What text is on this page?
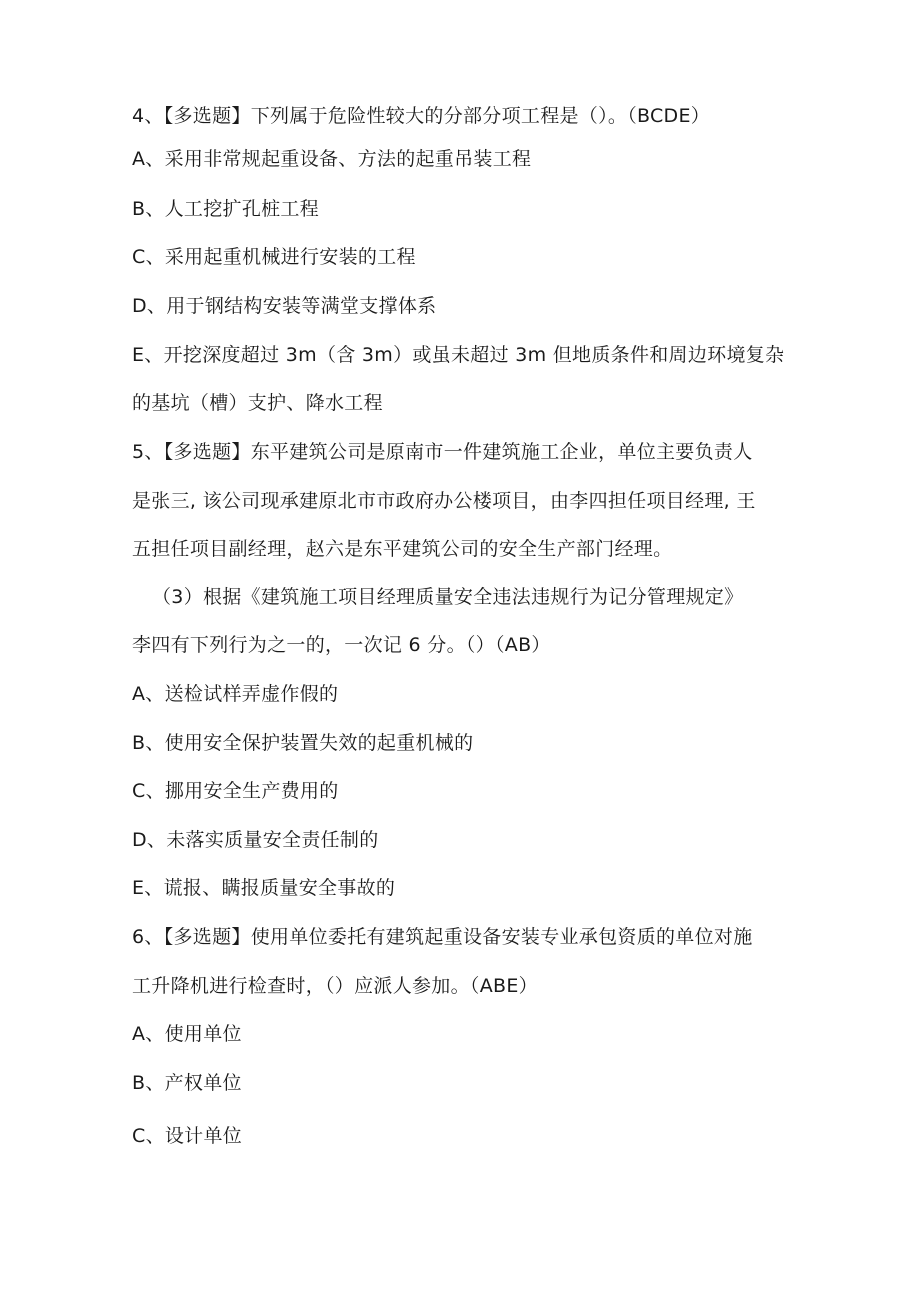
4、【多选题】下列属于危险性较大的分部分项工程是（）。（BCDE）
A、采用非常规起重设备、方法的起重吊装工程
B、人工挖扩孔桩工程
C、采用起重机械进行安装的工程
D、用于钢结构安装等满堂支撑体系
E、开挖深度超过 3m（含 3m）或虽未超过 3m 但地质条件和周边环境复杂
的基坑（槽）支护、降水工程
5、【多选题】东平建筑公司是原南市一件建筑施工企业，单位主要负责人
是张三, 该公司现承建原北市市政府办公楼项目，由李四担任项目经理, 王
五担任项目副经理，赵六是东平建筑公司的安全生产部门经理。
（3）根据《建筑施工项目经理质量安全违法违规行为记分管理规定》
李四有下列行为之一的，一次记 6 分。（）（AB）
A、送检试样弄虚作假的
B、使用安全保护装置失效的起重机械的
C、挪用安全生产费用的
D、未落实质量安全责任制的
E、谎报、瞒报质量安全事故的
6、【多选题】使用单位委托有建筑起重设备安装专业承包资质的单位对施
工升降机进行检查时，（）应派人参加。（ABE）
A、使用单位
B、产权单位
C、设计单位
